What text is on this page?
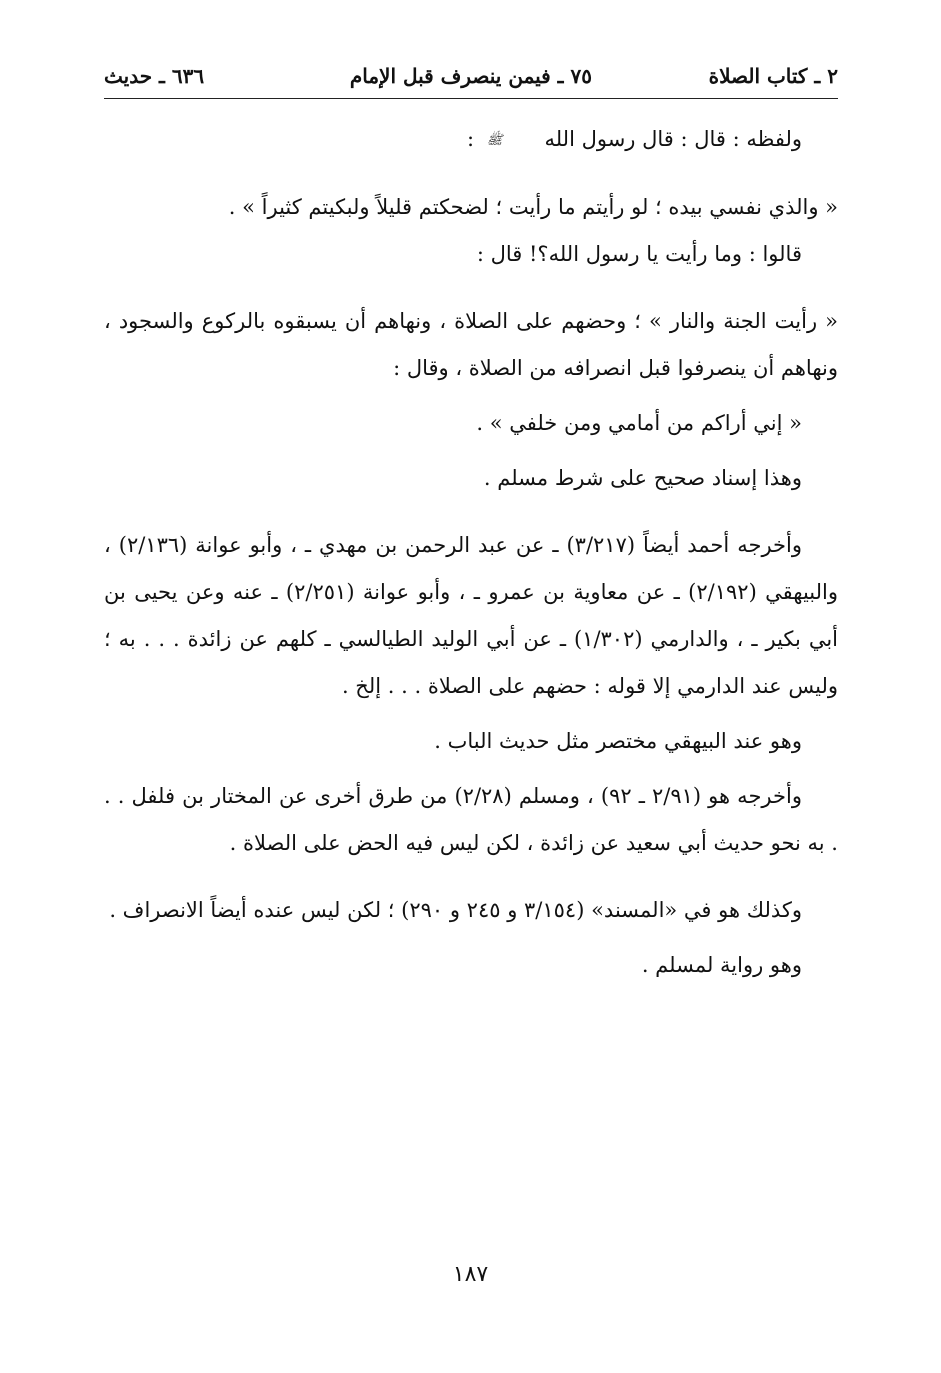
٢ ـ كتاب الصلاة
٧٥ ـ فيمن ينصرف قبل الإمام
٦٣٦ ـ حديث

ولفظه : قال : قال رسول اللهﷺ :

« والذي نفسي بيده ؛ لو رأيتم ما رأيت ؛ لضحكتم قليلاً ولبكيتم كثيراً » .

قالوا : وما رأيت يا رسول الله؟! قال :

« رأيت الجنة والنار » ؛ وحضهم على الصلاة ، ونهاهم أن يسبقوه بالركوع والسجود ، ونهاهم أن ينصرفوا قبل انصرافه من الصلاة ، وقال :

« إني أراكم من أمامي ومن خلفي » .

وهذا إسناد صحيح على شرط مسلم .

وأخرجه أحمد أيضاً (٣/٢١٧) ـ عن عبد الرحمن بن مهدي ـ ، وأبو عوانة (٢/١٣٦) ، والبيهقي (٢/١٩٢) ـ عن معاوية بن عمرو ـ ، وأبو عوانة (٢/٢٥١) ـ عنه وعن يحيى بن أبي بكير ـ ، والدارمي (١/٣٠٢) ـ عن أبي الوليد الطيالسي ـ كلهم عن زائدة . . . به ؛ وليس عند الدارمي إلا قوله : حضهم على الصلاة . . . إلخ .

وهو عند البيهقي مختصر مثل حديث الباب .

وأخرجه هو (٢/٩١ ـ ٩٢) ، ومسلم (٢/٢٨) من طرق أخرى عن المختار بن فلفل . . . به نحو حديث أبي سعيد عن زائدة ، لكن ليس فيه الحض على الصلاة .

وكذلك هو في «المسند» (٣/١٥٤ و ٢٤٥ و ٢٩٠) ؛ لكن ليس عنده أيضاً الانصراف .

وهو رواية لمسلم .

١٨٧
